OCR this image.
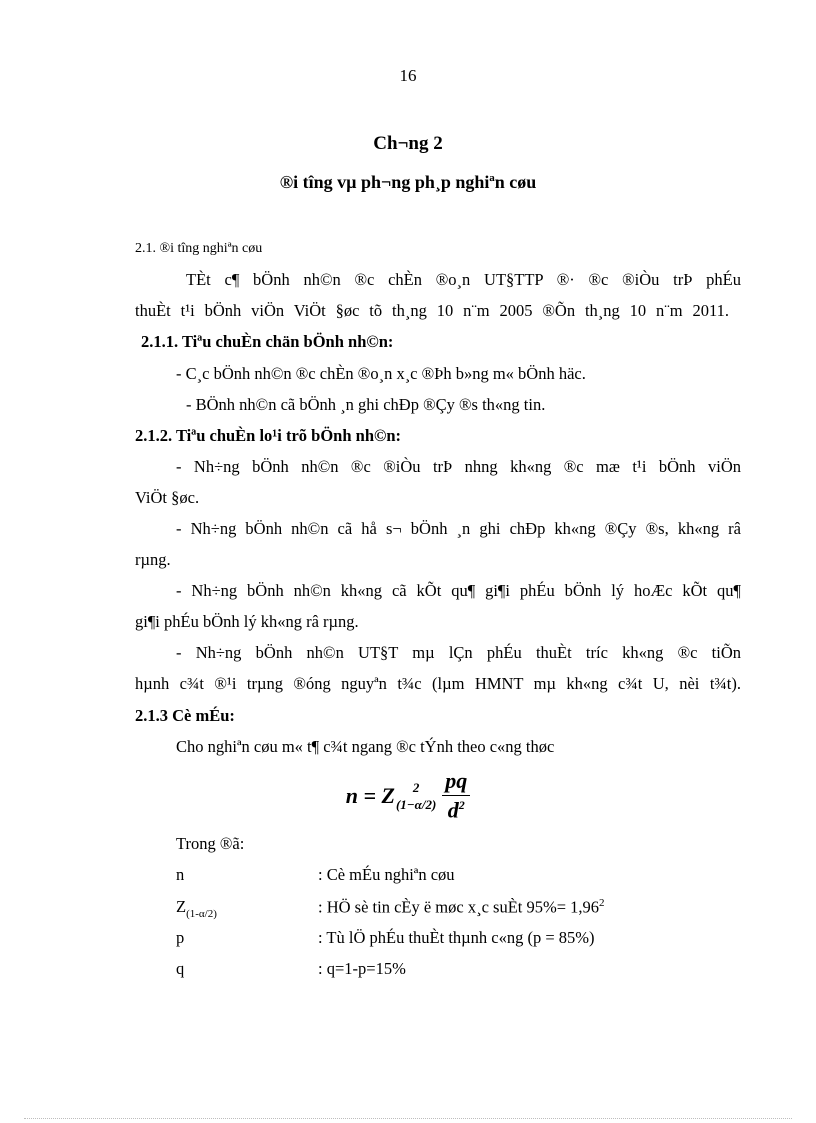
16
Ch¬ng 2
®i tîng vµ ph¬ng ph¸p nghiªn cøu
2.1. ®i tîng nghiªn cøu
TÈt c¶ bÖnh nh©n ®c chÈn ®o¸n UT§TTP ®· ®c ®iÒu trÞ phÉu
thuÈt t¹i bÖnh viÖn ViÖt §øc tõ th¸ng 10 n¨m 2005 ®Õn th¸ng 10 n¨m 2011.
2.1.1. Tiªu chuÈn chän bÖnh nh©n:
- C¸c bÖnh nh©n ®c chÈn ®o¸n x¸c ®Þh b»ng m« bÖnh häc.
- BÖnh nh©n cã bÖnh ¸n ghi chÐp ®Çy ®s th«ng tin.
2.1.2. Tiªu chuÈn lo¹i trõ bÖnh nh©n:
- Nh÷ng bÖnh nh©n ®c ®iÒu trÞ nhng kh«ng ®c mæ t¹i bÖnh viÖn
ViÖt §øc.
- Nh÷ng bÖnh nh©n cã hå s¬ bÖnh ¸n ghi chÐp kh«ng ®Çy ®s, kh«ng râ
rµng.
- Nh÷ng bÖnh nh©n kh«ng cã kÕt qu¶ gi¶i phÉu bÖnh lý hoÆc kÕt qu¶
gi¶i phÉu bÖnh lý kh«ng râ rµng.
- Nh÷ng bÖnh nh©n UT§T mµ lÇn phÉu thuÈt tríc kh«ng ®c tiÕn
hµnh c¾t ®¹i trµng ®óng nguyªn t¾c (lµm HMNT mµ kh«ng c¾t U, nèi t¾t).
2.1.3 Cè mÉu:
Cho nghiªn cøu m« t¶ c¾t ngang ®c tÝnh theo c«ng thøc
n = Z	2
$(1-\alpha/2) \frac{pq}{d^2}$
Trong ®ã:
n	: Cè mÉu nghiªn cøu
$Z_{(1-\alpha/2)}$	: HÖ sè tin cÈy ë møc x¸c suÈt $95\%= 1,96^2$
p	: Tù lÖ phÉu thuÈt thµnh c«ng (p = 85%)
q	: q=1-p=15%
